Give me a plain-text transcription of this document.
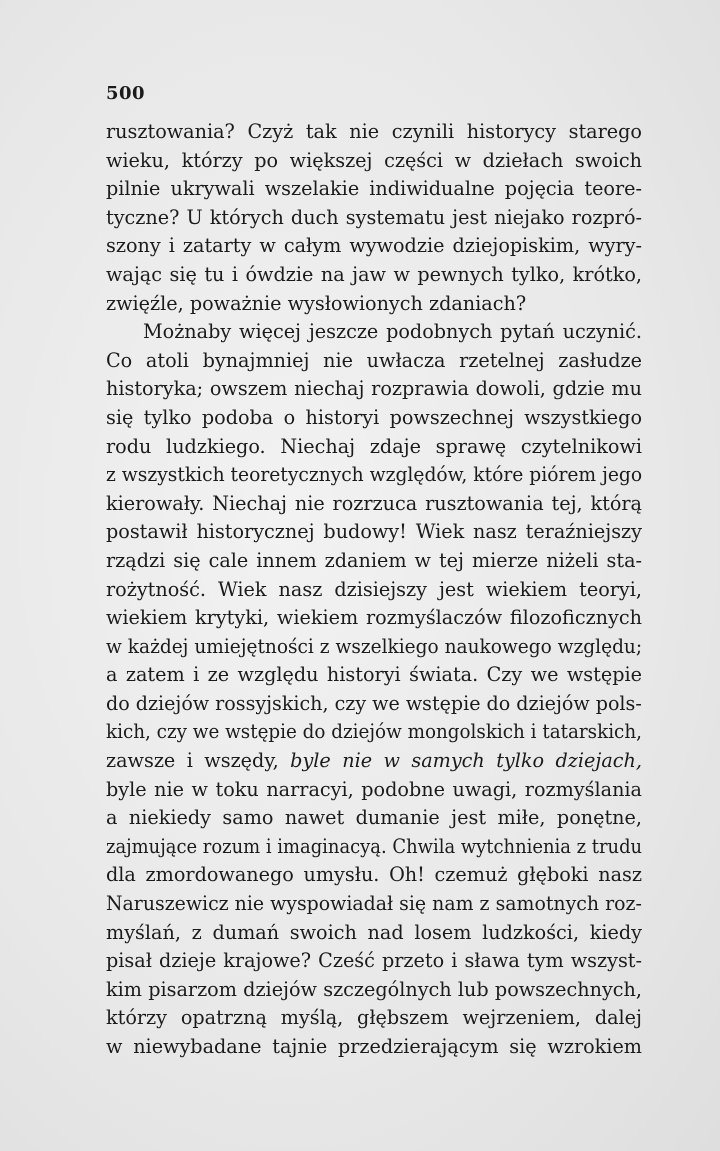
500
rusztowania? Czyż tak nie czynili historycy starego
wieku, którzy po większej części w dziełach swoich
pilnie ukrywali wszelakie indiwidualne pojęcia teore-
tyczne? U których duch systematu jest niejako rozpró-
szony i zatarty w całym wywodzie dziejopiskim, wyry-
wając się tu i ówdzie na jaw w pewnych tylko, krótko,
zwięźle, poważnie wysłowionych zdaniach?
Możnaby więcej jeszcze podobnych pytań uczynić.
Co atoli bynajmniej nie uwłacza rzetelnej zasłudze
historyka; owszem niechaj rozprawia dowoli, gdzie mu
się tylko podoba o historyi powszechnej wszystkiego
rodu ludzkiego. Niechaj zdaje sprawę czytelnikowi
z wszystkich teoretycznych względów, które piórem jego
kierowały. Niechaj nie rozrzuca rusztowania tej, którą
postawił historycznej budowy! Wiek nasz teraźniejszy
rządzi się cale innem zdaniem w tej mierze niżeli sta-
rożytność. Wiek nasz dzisiejszy jest wiekiem teoryi,
wiekiem krytyki, wiekiem rozmyślaczów filozoficznych
w każdej umiejętności z wszelkiego naukowego względu;
a zatem i ze względu historyi świata. Czy we wstępie
do dziejów rossyjskich, czy we wstępie do dziejów pols-
kich, czy we wstępie do dziejów mongolskich i tatarskich,
zawsze i wszędy, byle nie w samych tylko dziejach,
byle nie w toku narracyi, podobne uwagi, rozmyślania
a niekiedy samo nawet dumanie jest miłe, ponętne,
zajmujące rozum i imaginacyą. Chwila wytchnienia z trudu
dla zmordowanego umysłu. Oh! czemuż głęboki nasz
Naruszewicz nie wyspowiadał się nam z samotnych roz-
myślań, z dumań swoich nad losem ludzkości, kiedy
pisał dzieje krajowe? Cześć przeto i sława tym wszyst-
kim pisarzom dziejów szczególnych lub powszechnych,
którzy opatrzną myślą, głębszem wejrzeniem, dalej
w niewybadane tajnie przedzierającym się wzrokiem
